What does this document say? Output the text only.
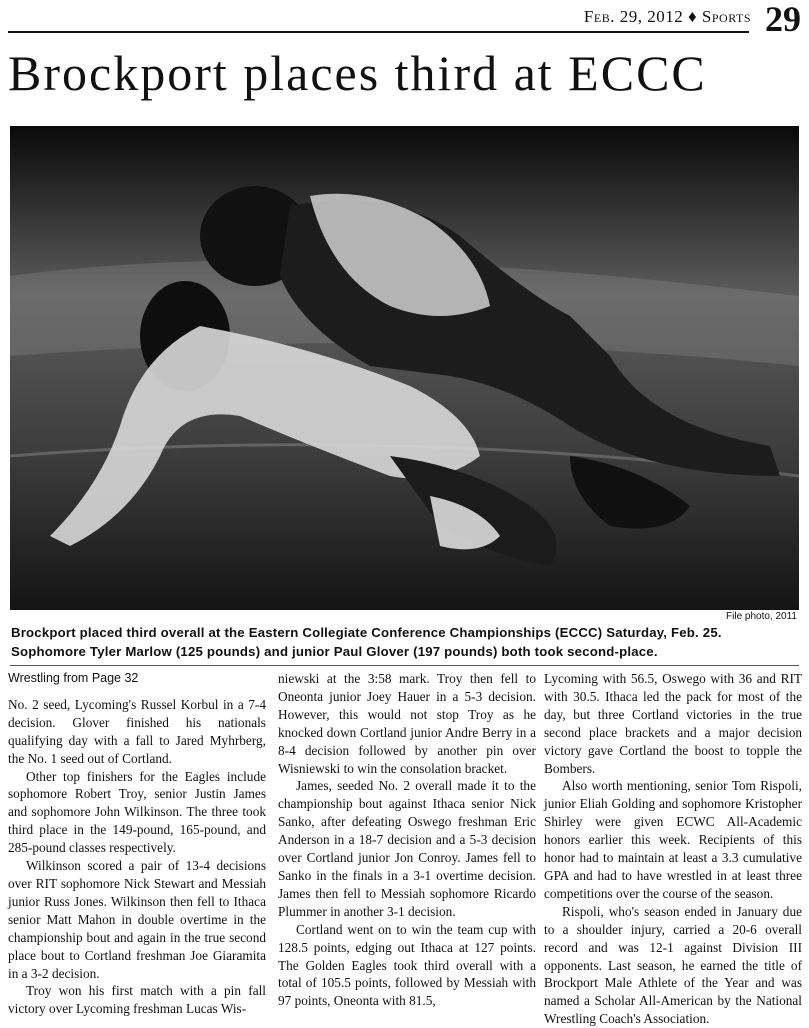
Feb. 29, 2012 ♦ Sports 29
Brockport places third at ECCC
File photo, 2011
Brockport placed third overall at the Eastern Collegiate Conference Championships (ECCC) Saturday, Feb. 25.
Sophomore Tyler Marlow (125 pounds) and junior Paul Glover (197 pounds) both took second-place.

Wrestling from Page 32

No. 2 seed, Lycoming's Russel Korbul in a 7-4 decision. Glover finished his nationals qualifying day with a fall to Jared Myhrberg, the No. 1 seed out of Cortland.

Other top finishers for the Eagles include sophomore Robert Troy, senior Justin James and sophomore John Wilkinson. The three took third place in the 149-pound, 165-pound, and 285-pound classes respectively.

Wilkinson scored a pair of 13-4 decisions over RIT sophomore Nick Stewart and Messiah junior Russ Jones. Wilkinson then fell to Ithaca senior Matt Mahon in double overtime in the championship bout and again in the true second place bout to Cortland freshman Joe Giaramita in a 3-2 decision.

Troy won his first match with a pin fall victory over Lycoming freshman Lucas Wis-

niewski at the 3:58 mark. Troy then fell to Oneonta junior Joey Hauer in a 5-3 decision. However, this would not stop Troy as he knocked down Cortland junior Andre Berry in a 8-4 decision followed by another pin over Wisniewski to win the consolation bracket.

James, seeded No. 2 overall made it to the championship bout against Ithaca senior Nick Sanko, after defeating Oswego freshman Eric Anderson in a 18-7 decision and a 5-3 decision over Cortland junior Jon Conroy. James fell to Sanko in the finals in a 3-1 overtime decision. James then fell to Messiah sophomore Ricardo Plummer in another 3-1 decision.

Cortland went on to win the team cup with 128.5 points, edging out Ithaca at 127 points. The Golden Eagles took third overall with a total of 105.5 points, followed by Messiah with 97 points, Oneonta with 81.5,

Lycoming with 56.5, Oswego with 36 and RIT with 30.5. Ithaca led the pack for most of the day, but three Cortland victories in the true second place brackets and a major decision victory gave Cortland the boost to topple the Bombers.

Also worth mentioning, senior Tom Rispoli, junior Eliah Golding and sophomore Kristopher Shirley were given ECWC All-Academic honors earlier this week. Recipients of this honor had to maintain at least a 3.3 cumulative GPA and had to have wrestled in at least three competitions over the course of the season.

Rispoli, who's season ended in January due to a shoulder injury, carried a 20-6 overall record and was 12-1 against Division III opponents. Last season, he earned the title of Brockport Male Athlete of the Year and was named a Scholar All-American by the National Wrestling Coach's Association.
